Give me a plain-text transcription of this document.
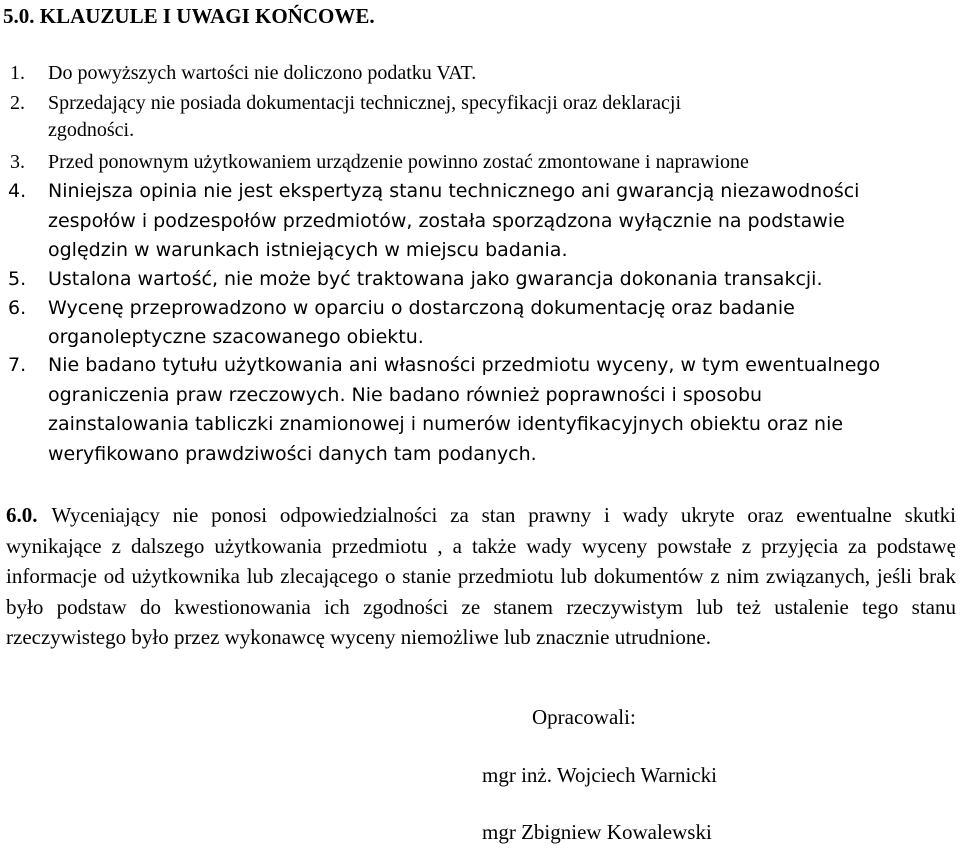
5.0. KLAUZULE I UWAGI KOŃCOWE.
1. Do powyższych wartości nie doliczono podatku VAT.
2. Sprzedający nie posiada dokumentacji technicznej, specyfikacji oraz deklaracji
zgodności.
3. Przed ponownym użytkowaniem urządzenie powinno zostać zmontowane i naprawione
4. Niniejsza opinia nie jest ekspertyzą stanu technicznego ani gwarancją niezawodności
zespołów i podzespołów przedmiotów, została sporządzona wyłącznie na podstawie
oględzin w warunkach istniejących w miejscu badania.
5. Ustalona wartość, nie może być traktowana jako gwarancja dokonania transakcji.
6. Wycenę przeprowadzono w oparciu o dostarczoną dokumentację oraz badanie
organoleptyczne szacowanego obiektu.
7. Nie badano tytułu użytkowania ani własności przedmiotu wyceny, w tym ewentualnego
ograniczenia praw rzeczowych. Nie badano również poprawności i sposobu
zainstalowania tabliczki znamionowej i numerów identyfikacyjnych obiektu oraz nie
weryfikowano prawdziwości danych tam podanych.
6.0. Wyceniający nie ponosi odpowiedzialności za stan prawny i wady ukryte oraz ewentualne skutki wynikające z dalszego użytkowania przedmiotu , a także wady wyceny powstałe z przyjęcia za podstawę informacje od użytkownika lub zlecającego o stanie przedmiotu lub dokumentów z nim związanych, jeśli brak było podstaw do kwestionowania ich zgodności ze stanem rzeczywistym lub też ustalenie tego stanu rzeczywistego było przez wykonawcę wyceny niemożliwe lub znacznie utrudnione.
Opracowali:
mgr inż. Wojciech Warnicki
mgr Zbigniew Kowalewski
